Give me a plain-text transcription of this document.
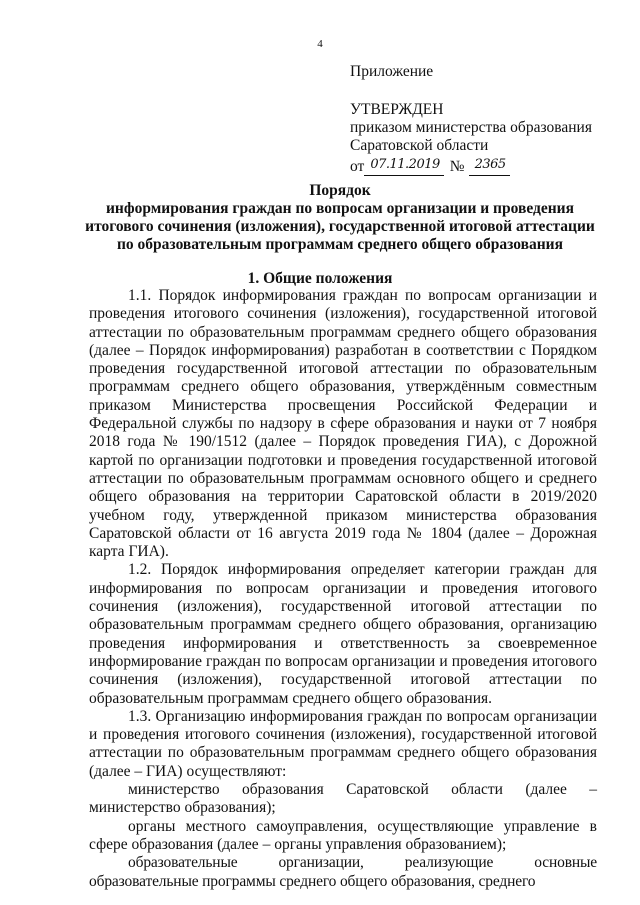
4
Приложение
УТВЕРЖДЕН
приказом министерства образования
Саратовской области
от 07.11.2019 № 2365
Порядок
информирования граждан по вопросам организации и проведения
итогового сочинения (изложения), государственной итоговой аттестации
по образовательным программам среднего общего образования
1. Общие положения

1.1. Порядок информирования граждан по вопросам организации и проведения итогового сочинения (изложения), государственной итоговой аттестации по образовательным программам среднего общего образования (далее – Порядок информирования) разработан в соответствии с Порядком проведения государственной итоговой аттестации по образовательным программам среднего общего образования, утверждённым совместным приказом Министерства просвещения Российской Федерации и Федеральной службы по надзору в сфере образования и науки от 7 ноября 2018 года № 190/1512 (далее – Порядок проведения ГИА), с Дорожной картой по организации подготовки и проведения государственной итоговой аттестации по образовательным программам основного общего и среднего общего образования на территории Саратовской области в 2019/2020 учебном году, утвержденной приказом министерства образования Саратовской области от 16 августа 2019 года № 1804 (далее – Дорожная карта ГИА).

1.2. Порядок информирования определяет категории граждан для информирования по вопросам организации и проведения итогового сочинения (изложения), государственной итоговой аттестации по образовательным программам среднего общего образования, организацию проведения информирования и ответственность за своевременное информирование граждан по вопросам организации и проведения итогового сочинения (изложения), государственной итоговой аттестации по образовательным программам среднего общего образования.

1.3. Организацию информирования граждан по вопросам организации и проведения итогового сочинения (изложения), государственной итоговой аттестации по образовательным программам среднего общего образования (далее – ГИА) осуществляют:

министерство образования Саратовской области (далее – министерство образования);

органы местного самоуправления, осуществляющие управление в сфере образования (далее – органы управления образованием);

образовательные организации, реализующие основные образовательные программы среднего общего образования, среднего
